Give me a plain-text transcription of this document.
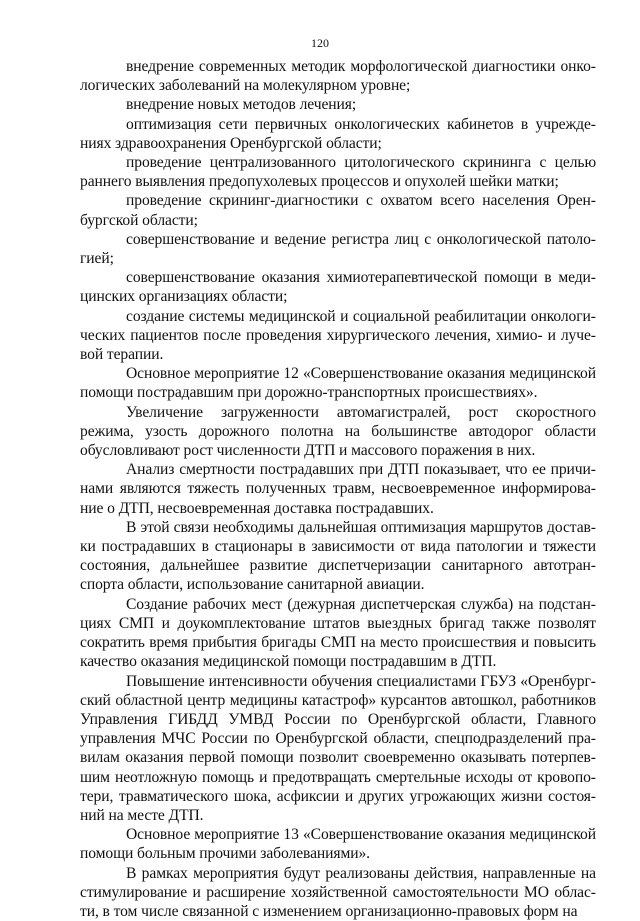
120

внедрение современных методик морфологической диагностики онкологических заболеваний на молекулярном уровне;

внедрение новых методов лечения;

оптимизация сети первичных онкологических кабинетов в учреждениях здравоохранения Оренбургской области;

проведение централизованного цитологического скрининга с целью раннего выявления предопухолевых процессов и опухолей шейки матки;

проведение скрининг-диагностики с охватом всего населения Оренбургской области;

совершенствование и ведение регистра лиц с онкологической патологией;

совершенствование оказания химиотерапевтической помощи в медицинских организациях области;

создание системы медицинской и социальной реабилитации онкологических пациентов после проведения хирургического лечения, химио- и лучевой терапии.

Основное мероприятие 12 «Совершенствование оказания медицинской помощи пострадавшим при дорожно-транспортных происшествиях».

Увеличение загруженности автомагистралей, рост скоростного режима, узость дорожного полотна на большинстве автодорог области обусловливают рост численности ДТП и массового поражения в них.

Анализ смертности пострадавших при ДТП показывает, что ее причинами являются тяжесть полученных травм, несвоевременное информирование о ДТП, несвоевременная доставка пострадавших.

В этой связи необходимы дальнейшая оптимизация маршрутов доставки пострадавших в стационары в зависимости от вида патологии и тяжести состояния, дальнейшее развитие диспетчеризации санитарного автотранспорта области, использование санитарной авиации.

Создание рабочих мест (дежурная диспетчерская служба) на подстанциях СМП и доукомплектование штатов выездных бригад также позволят сократить время прибытия бригады СМП на место происшествия и повысить качество оказания медицинской помощи пострадавшим в ДТП.

Повышение интенсивности обучения специалистами ГБУЗ «Оренбургский областной центр медицины катастроф» курсантов автошкол, работников Управления ГИБДД УМВД России по Оренбургской области, Главного управления МЧС России по Оренбургской области, спецподразделений правилам оказания первой помощи позволит своевременно оказывать потерпевшим неотложную помощь и предотвращать смертельные исходы от кровопотери, травматического шока, асфиксии и других угрожающих жизни состояний на месте ДТП.

Основное мероприятие 13 «Совершенствование оказания медицинской помощи больным прочими заболеваниями».

В рамках мероприятия будут реализованы действия, направленные на стимулирование и расширение хозяйственной самостоятельности МО области, в том числе связанной с изменением организационно-правовых форм на
